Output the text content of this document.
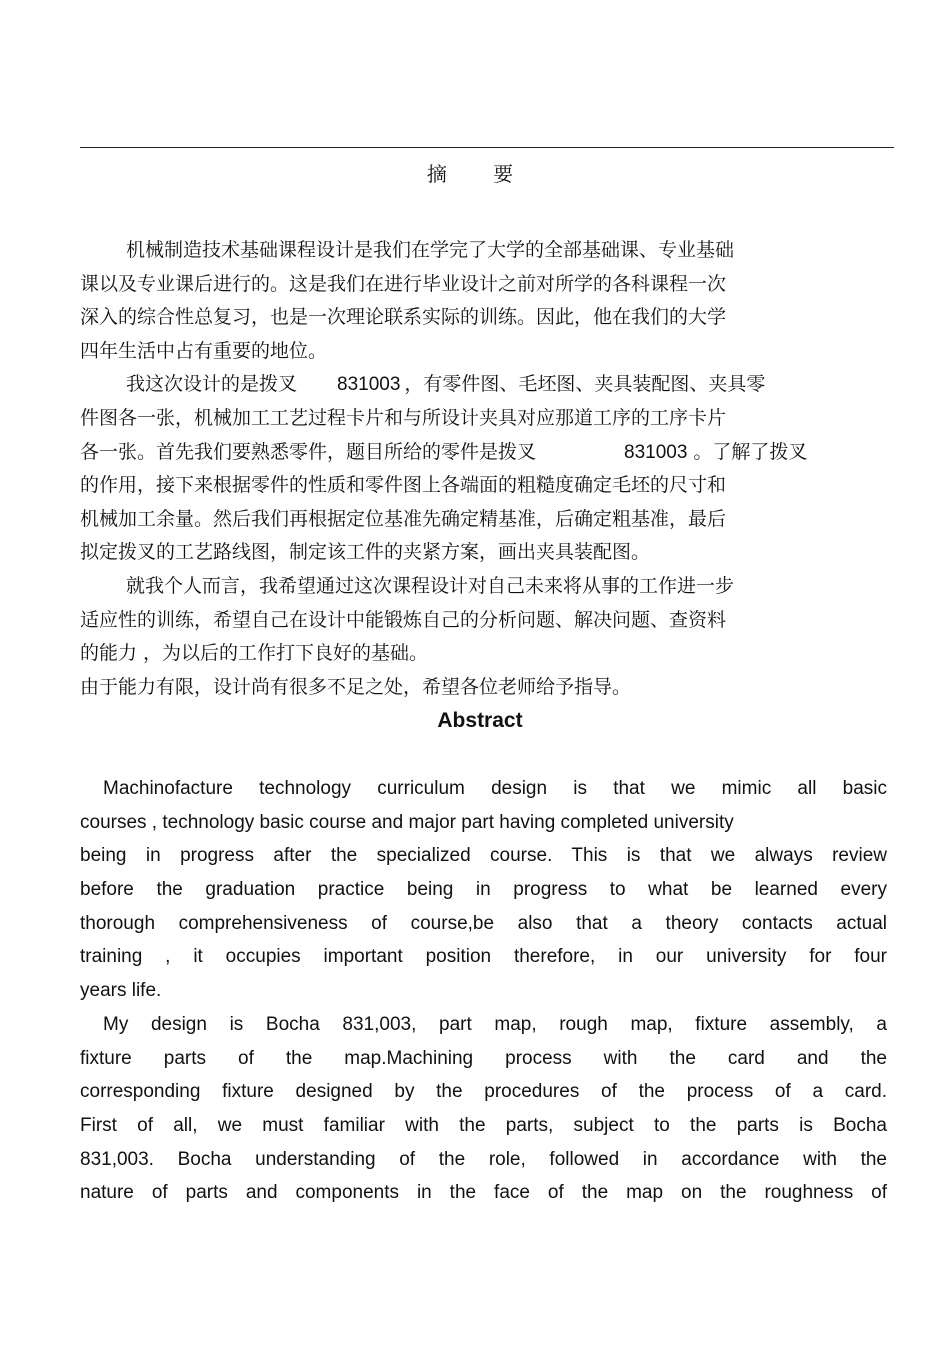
摘 要
机械制造技术基础课程设计是我们在学完了大学的全部基础课、专业基础
课以及专业课后进行的。这是我们在进行毕业设计之前对所学的各科课程一次
深入的综合性总复习，也是一次理论联系实际的训练。因此，他在我们的大学
四年生活中占有重要的地位。
我这次设计的是拨叉 831003 ，有零件图、毛坯图、夹具装配图、夹具零
件图各一张，机械加工工艺过程卡片和与所设计夹具对应那道工序的工序卡片
各一张。首先我们要熟悉零件，题目所给的零件是拨叉	831003 。了解了拨叉
的作用，接下来根据零件的性质和零件图上各端面的粗糙度确定毛坯的尺寸和
机械加工余量。然后我们再根据定位基准先确定精基准，后确定粗基准，最后
拟定拨叉的工艺路线图，制定该工件的夹紧方案，画出夹具装配图。
就我个人而言，我希望通过这次课程设计对自己未来将从事的工作进一步
适应性的训练，希望自己在设计中能锻炼自己的分析问题、解决问题、查资料
的能力 ，为以后的工作打下良好的基础。
由于能力有限，设计尚有很多不足之处，希望各位老师给予指导。
Abstract
Machinofacture technology curriculum design is that we mimic all basic
courses , technology basic course and major part having completed university
being in progress after the specialized course. This is that we always review
before the graduation practice being in progress to what be learned every
thorough comprehensiveness of course,be also that a theory contacts actual
training , it occupies important position therefore, in our university for four
years life.
My design is Bocha 831,003, part map, rough map, fixture assembly, a
fixture parts of the map.Machining process with the card and the
corresponding fixture designed by the procedures of the process of a card.
First of all, we must familiar with the parts, subject to the parts is Bocha
831,003. Bocha understanding of the role, followed in accordance with the
nature of parts and components in the face of the map on the roughness of
